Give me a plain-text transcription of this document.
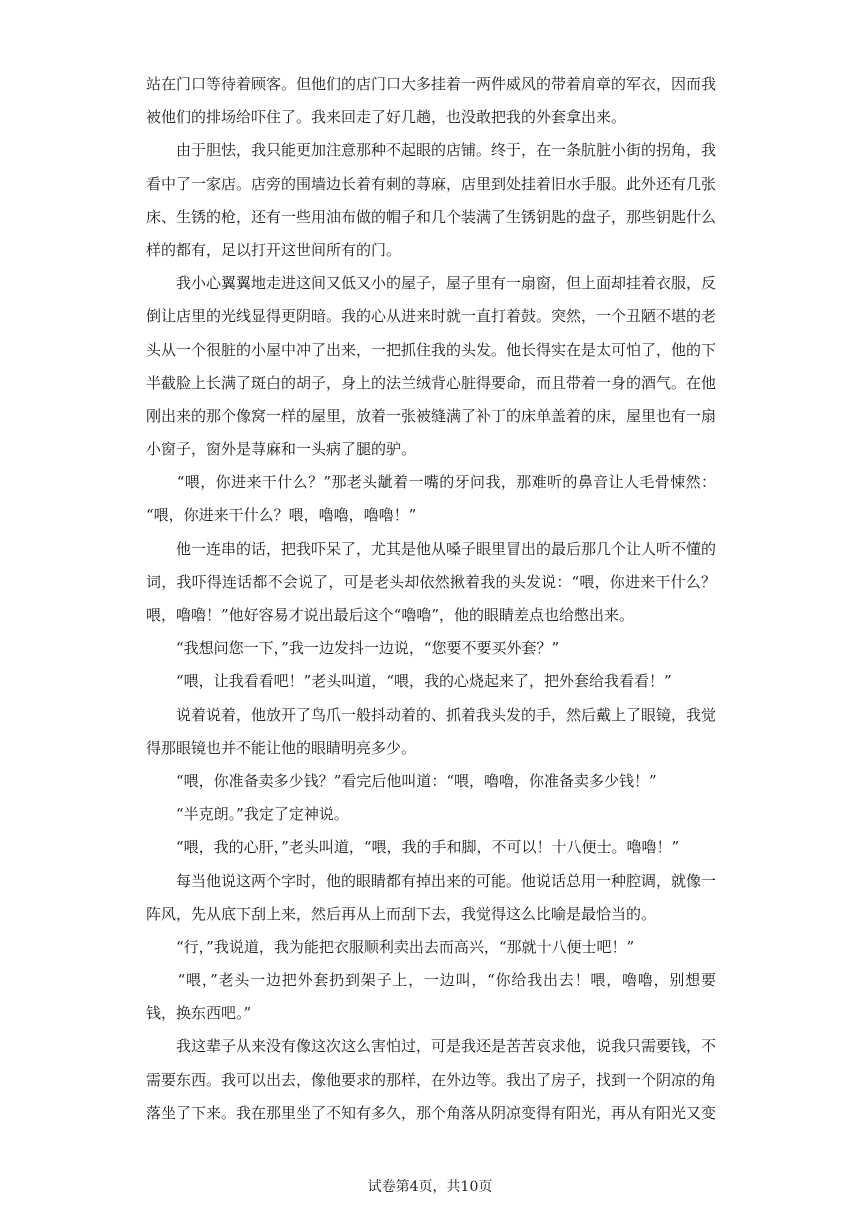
站在门口等待着顾客。但他们的店门口大多挂着一两件威风的带着肩章的军衣，因而我
被他们的排场给吓住了。我来回走了好几趟，也没敢把我的外套拿出来。
　　由于胆怯，我只能更加注意那种不起眼的店铺。终于，在一条肮脏小街的拐角，我
看中了一家店。店旁的围墙边长着有刺的荨麻，店里到处挂着旧水手服。此外还有几张
床、生锈的枪，还有一些用油布做的帽子和几个装满了生锈钥匙的盘子，那些钥匙什么
样的都有，足以打开这世间所有的门。
　　我小心翼翼地走进这间又低又小的屋子，屋子里有一扇窗，但上面却挂着衣服，反
倒让店里的光线显得更阴暗。我的心从进来时就一直打着鼓。突然，一个丑陋不堪的老
头从一个很脏的小屋中冲了出来，一把抓住我的头发。他长得实在是太可怕了，他的下
半截脸上长满了斑白的胡子，身上的法兰绒背心脏得要命，而且带着一身的酒气。在他
刚出来的那个像窝一样的屋里，放着一张被缝满了补丁的床单盖着的床，屋里也有一扇
小窗子，窗外是荨麻和一头病了腿的驴。
　　“喂，你进来干什么？”那老头龇着一嘴的牙问我，那难听的鼻音让人毛骨悚然：
“喂，你进来干什么？喂，嚕嚕，嚕嚕！”
　　他一连串的话，把我吓呆了，尤其是他从嗓子眼里冒出的最后那几个让人听不懂的
词，我吓得连话都不会说了，可是老头却依然揪着我的头发说：“喂，你进来干什么？
喂，嚕嚕！”他好容易才说出最后这个“嚕嚕”，他的眼睛差点也给憋出来。
　　“我想问您一下，”我一边发抖一边说，“您要不要买外套？”
　　“喂，让我看看吧！”老头叫道，“喂，我的心烧起来了，把外套给我看看！”
　　说着说着，他放开了鸟爪一般抖动着的、抓着我头发的手，然后戴上了眼镜，我觉
得那眼镜也并不能让他的眼睛明亮多少。
　　“喂，你准备卖多少钱？”看完后他叫道：“喂，嚕嚕，你准备卖多少钱！”
　　“半克朗。”我定了定神说。
　　“喂，我的心肝，”老头叫道，“喂，我的手和脚，不可以！十八便士。嚕嚕！”
　　每当他说这两个字时，他的眼睛都有掉出来的可能。他说话总用一种腔调，就像一
阵风，先从底下刮上来，然后再从上而刮下去，我觉得这么比喻是最恰当的。
　　“行，”我说道，我为能把衣服顺利卖出去而高兴，“那就十八便士吧！”
　　“喂，”老头一边把外套扔到架子上，一边叫，“你给我出去！喂，嚕嚕，别想要
钱，换东西吧。”
　　我这辈子从来没有像这次这么害怕过，可是我还是苦苦哀求他，说我只需要钱，不
需要东西。我可以出去，像他要求的那样，在外边等。我出了房子，找到一个阴凉的角
落坐了下来。我在那里坐了不知有多久，那个角落从阴凉变得有阳光，再从有阳光又变
试卷第4页，共10页
